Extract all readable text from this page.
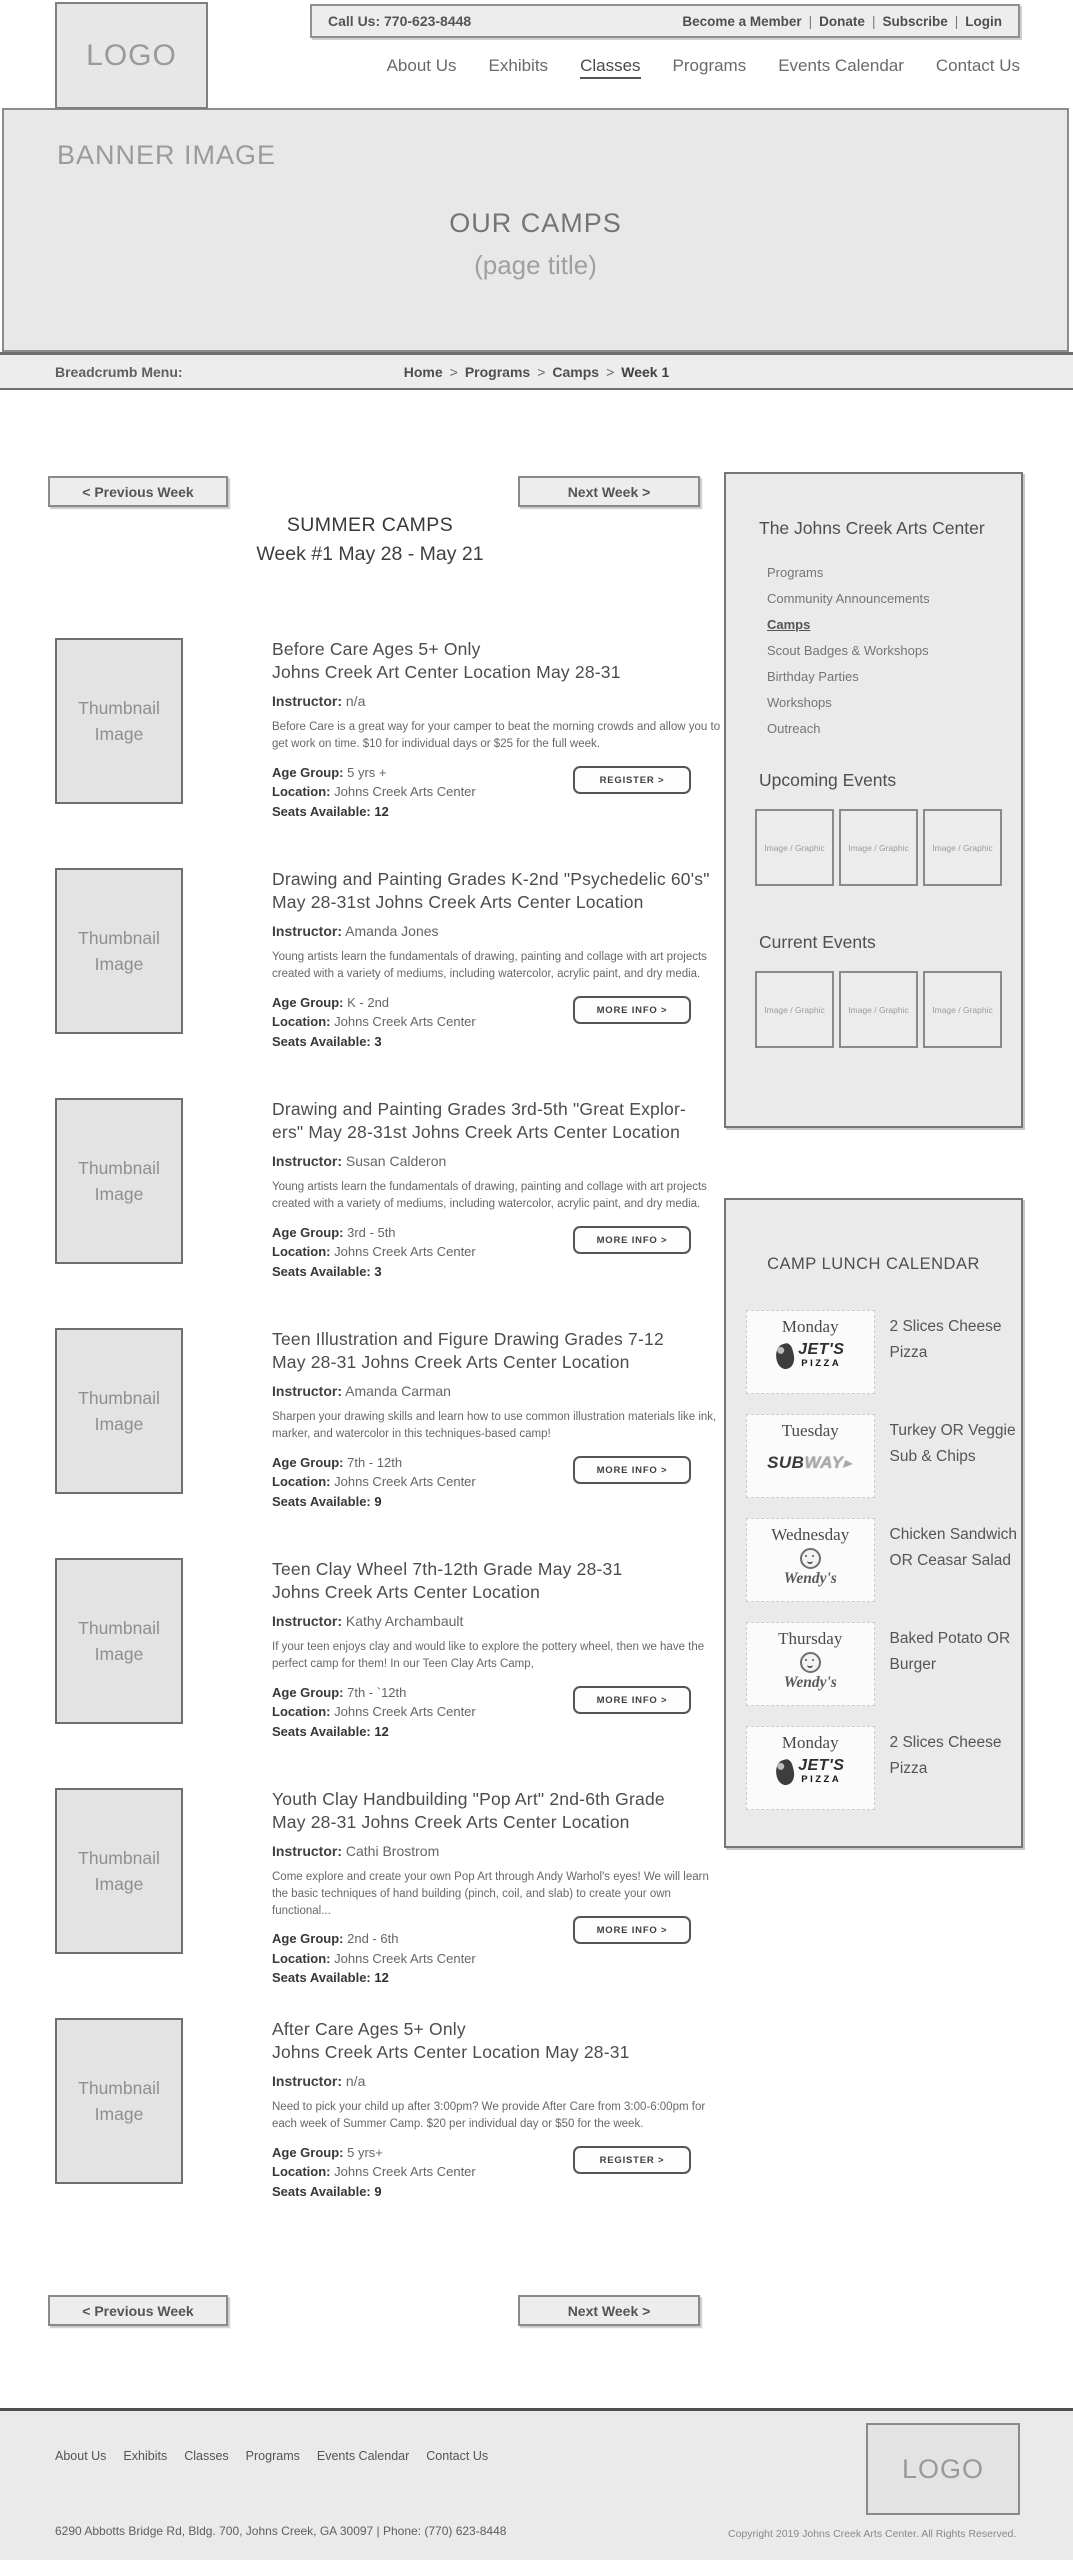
LOGO
Call Us: 770-623-8448	Become a Member | Donate | Subscribe | Login
About Us Exhibits Classes Programs Events Calendar Contact Us
BANNER IMAGE
OUR CAMPS
(page title)
Breadcrumb Menu:	Home > Programs > Camps > Week 1
< Previous Week	Next Week >
SUMMER CAMPS
Week #1 May 28 - May 21
Thumbnail
Image
Before Care Ages 5+ Only
Johns Creek Art Center Location May 28-31

Instructor: n/a

Before Care is a great way for your camper to beat the morning crowds and allow you to get work on time. $10 for individual days or $25 for the full week.

Age Group: 5 yrs +

Location: Johns Creek Arts Center

Seats Available: 12

REGISTER >
Thumbnail
Image
Drawing and Painting Grades K-2nd "Psychedelic 60's"
May 28-31st Johns Creek Arts Center Location

Instructor: Amanda Jones

Young artists learn the fundamentals of drawing, painting and collage with art projects created with a variety of mediums, including watercolor, acrylic paint, and dry media.

Age Group: K - 2nd

Location: Johns Creek Arts Center

Seats Available: 3

MORE INFO >
Thumbnail
Image
Drawing and Painting Grades 3rd-5th "Great Explor-
ers" May 28-31st Johns Creek Arts Center Location

Instructor: Susan Calderon

Young artists learn the fundamentals of drawing, painting and collage with art projects created with a variety of mediums, including watercolor, acrylic paint, and dry media.

Age Group: 3rd - 5th

Location: Johns Creek Arts Center

Seats Available: 3

MORE INFO >
Thumbnail
Image
Teen Illustration and Figure Drawing Grades 7-12
May 28-31 Johns Creek Arts Center Location

Instructor: Amanda Carman

Sharpen your drawing skills and learn how to use common illustration materials like ink, marker, and watercolor in this techniques-based camp!

Age Group: 7th - 12th

Location: Johns Creek Arts Center

Seats Available: 9

MORE INFO >
Thumbnail
Image
Teen Clay Wheel 7th-12th Grade May 28-31
Johns Creek Arts Center Location

Instructor: Kathy Archambault

If your teen enjoys clay and would like to explore the pottery wheel, then we have the perfect camp for them! In our Teen Clay Arts Camp,

Age Group: 7th - `12th

Location: Johns Creek Arts Center

Seats Available: 12

MORE INFO >
Thumbnail
Image
Youth Clay Handbuilding "Pop Art" 2nd-6th Grade
May 28-31 Johns Creek Arts Center Location

Instructor: Cathi Brostrom

Come explore and create your own Pop Art through Andy Warhol's eyes! We will learn the basic techniques of hand building (pinch, coil, and slab) to create your own functional...

Age Group: 2nd - 6th

Location: Johns Creek Arts Center

Seats Available: 12

MORE INFO >
Thumbnail
Image
After Care Ages 5+ Only
Johns Creek Arts Center Location May 28-31

Instructor: n/a

Need to pick your child up after 3:00pm? We provide After Care from 3:00-6:00pm for each week of Summer Camp. $20 per individual day or $50 for the week.

Age Group: 5 yrs+

Location: Johns Creek Arts Center

Seats Available: 9

REGISTER >
< Previous Week	Next Week >
The Johns Creek Arts Center
Programs
Community Announcements
Camps
Scout Badges & Workshops
Birthday Parties
Workshops
Outreach
Upcoming Events
Image / Graphic	Image / Graphic	Image / Graphic
Current Events
Image / Graphic	Image / Graphic	Image / Graphic
CAMP LUNCH CALENDAR
Monday
JET'S
PIZZA
2 Slices Cheese Pizza
Tuesday
SUBWAY
Turkey OR Veggie Sub & Chips
Wednesday
Wendy's
Chicken Sandwich OR Ceasar Salad
Thursday
Wendy's
Baked Potato OR Burger
Monday
JET'S
PIZZA
2 Slices Cheese Pizza
About Us Exhibits Classes Programs Events Calendar Contact Us	LOGO
6290 Abbotts Bridge Rd, Bldg. 700, Johns Creek, GA 30097 | Phone: (770) 623-8448	Copyright 2019 Johns Creek Arts Center. All Rights Reserved.
